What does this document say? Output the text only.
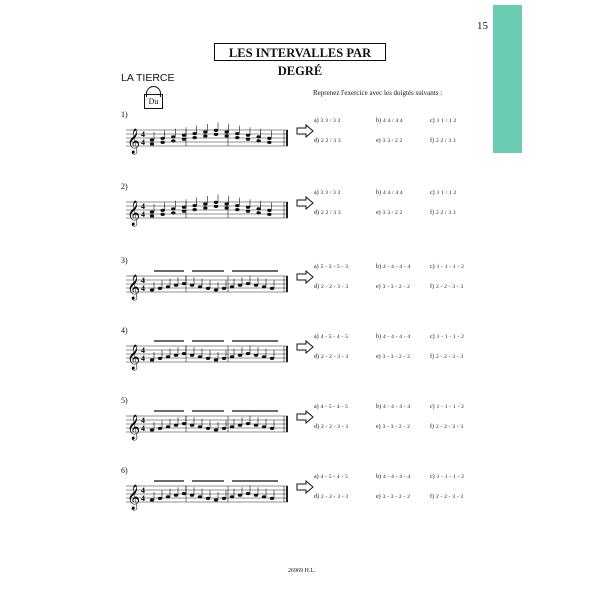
15
LES INTERVALLES PAR DEGRÉ
LA TIERCE
Du
Reprenez l'exercice avec les doigtés suivants :
1)
𝄞 4
4
a) 3 3 / 3 3	b) 4 4 / 4 4	c) 1 1 / 1 2
d) 2 2 / 3 3	e) 3 3 / 2 2	f) 2 2 / 3 3
2)
𝄞 4
4
a) 3 3 / 3 3	b) 4 4 / 4 4	c) 1 1 / 1 2
d) 2 2 / 3 3	e) 3 3 / 2 2	f) 2 2 / 3 3
3)
𝄞 4
4
a) 5 - 3 - 5 - 3	b) 4 - 4 - 4 - 4	c) 1 - 1 - 1 - 2
d) 2 - 2 - 3 - 3	e) 3 - 3 - 2 - 2	f) 2 - 2 - 3 - 3
4)
𝄞 4
4
a) 4 - 5 - 4 - 5	b) 4 - 4 - 4 - 4	c) 1 - 1 - 1 - 2
d) 2 - 2 - 3 - 3	e) 3 - 3 - 2 - 2	f) 2 - 2 - 3 - 3
5)
𝄞 4
4
a) 4 - 5 - 4 - 5	b) 4 - 4 - 4 - 4	c) 1 - 1 - 1 - 2
d) 2 - 2 - 3 - 3	e) 3 - 3 - 2 - 2	f) 2 - 2 - 3 - 3
6)
𝄞 4
4
a) 4 - 5 - 4 - 5	b) 4 - 4 - 4 - 4	c) 1 - 1 - 1 - 2
d) 2 - 2 - 3 - 3	e) 3 - 3 - 2 - 2	f) 2 - 2 - 3 - 3
26969 H.L.
